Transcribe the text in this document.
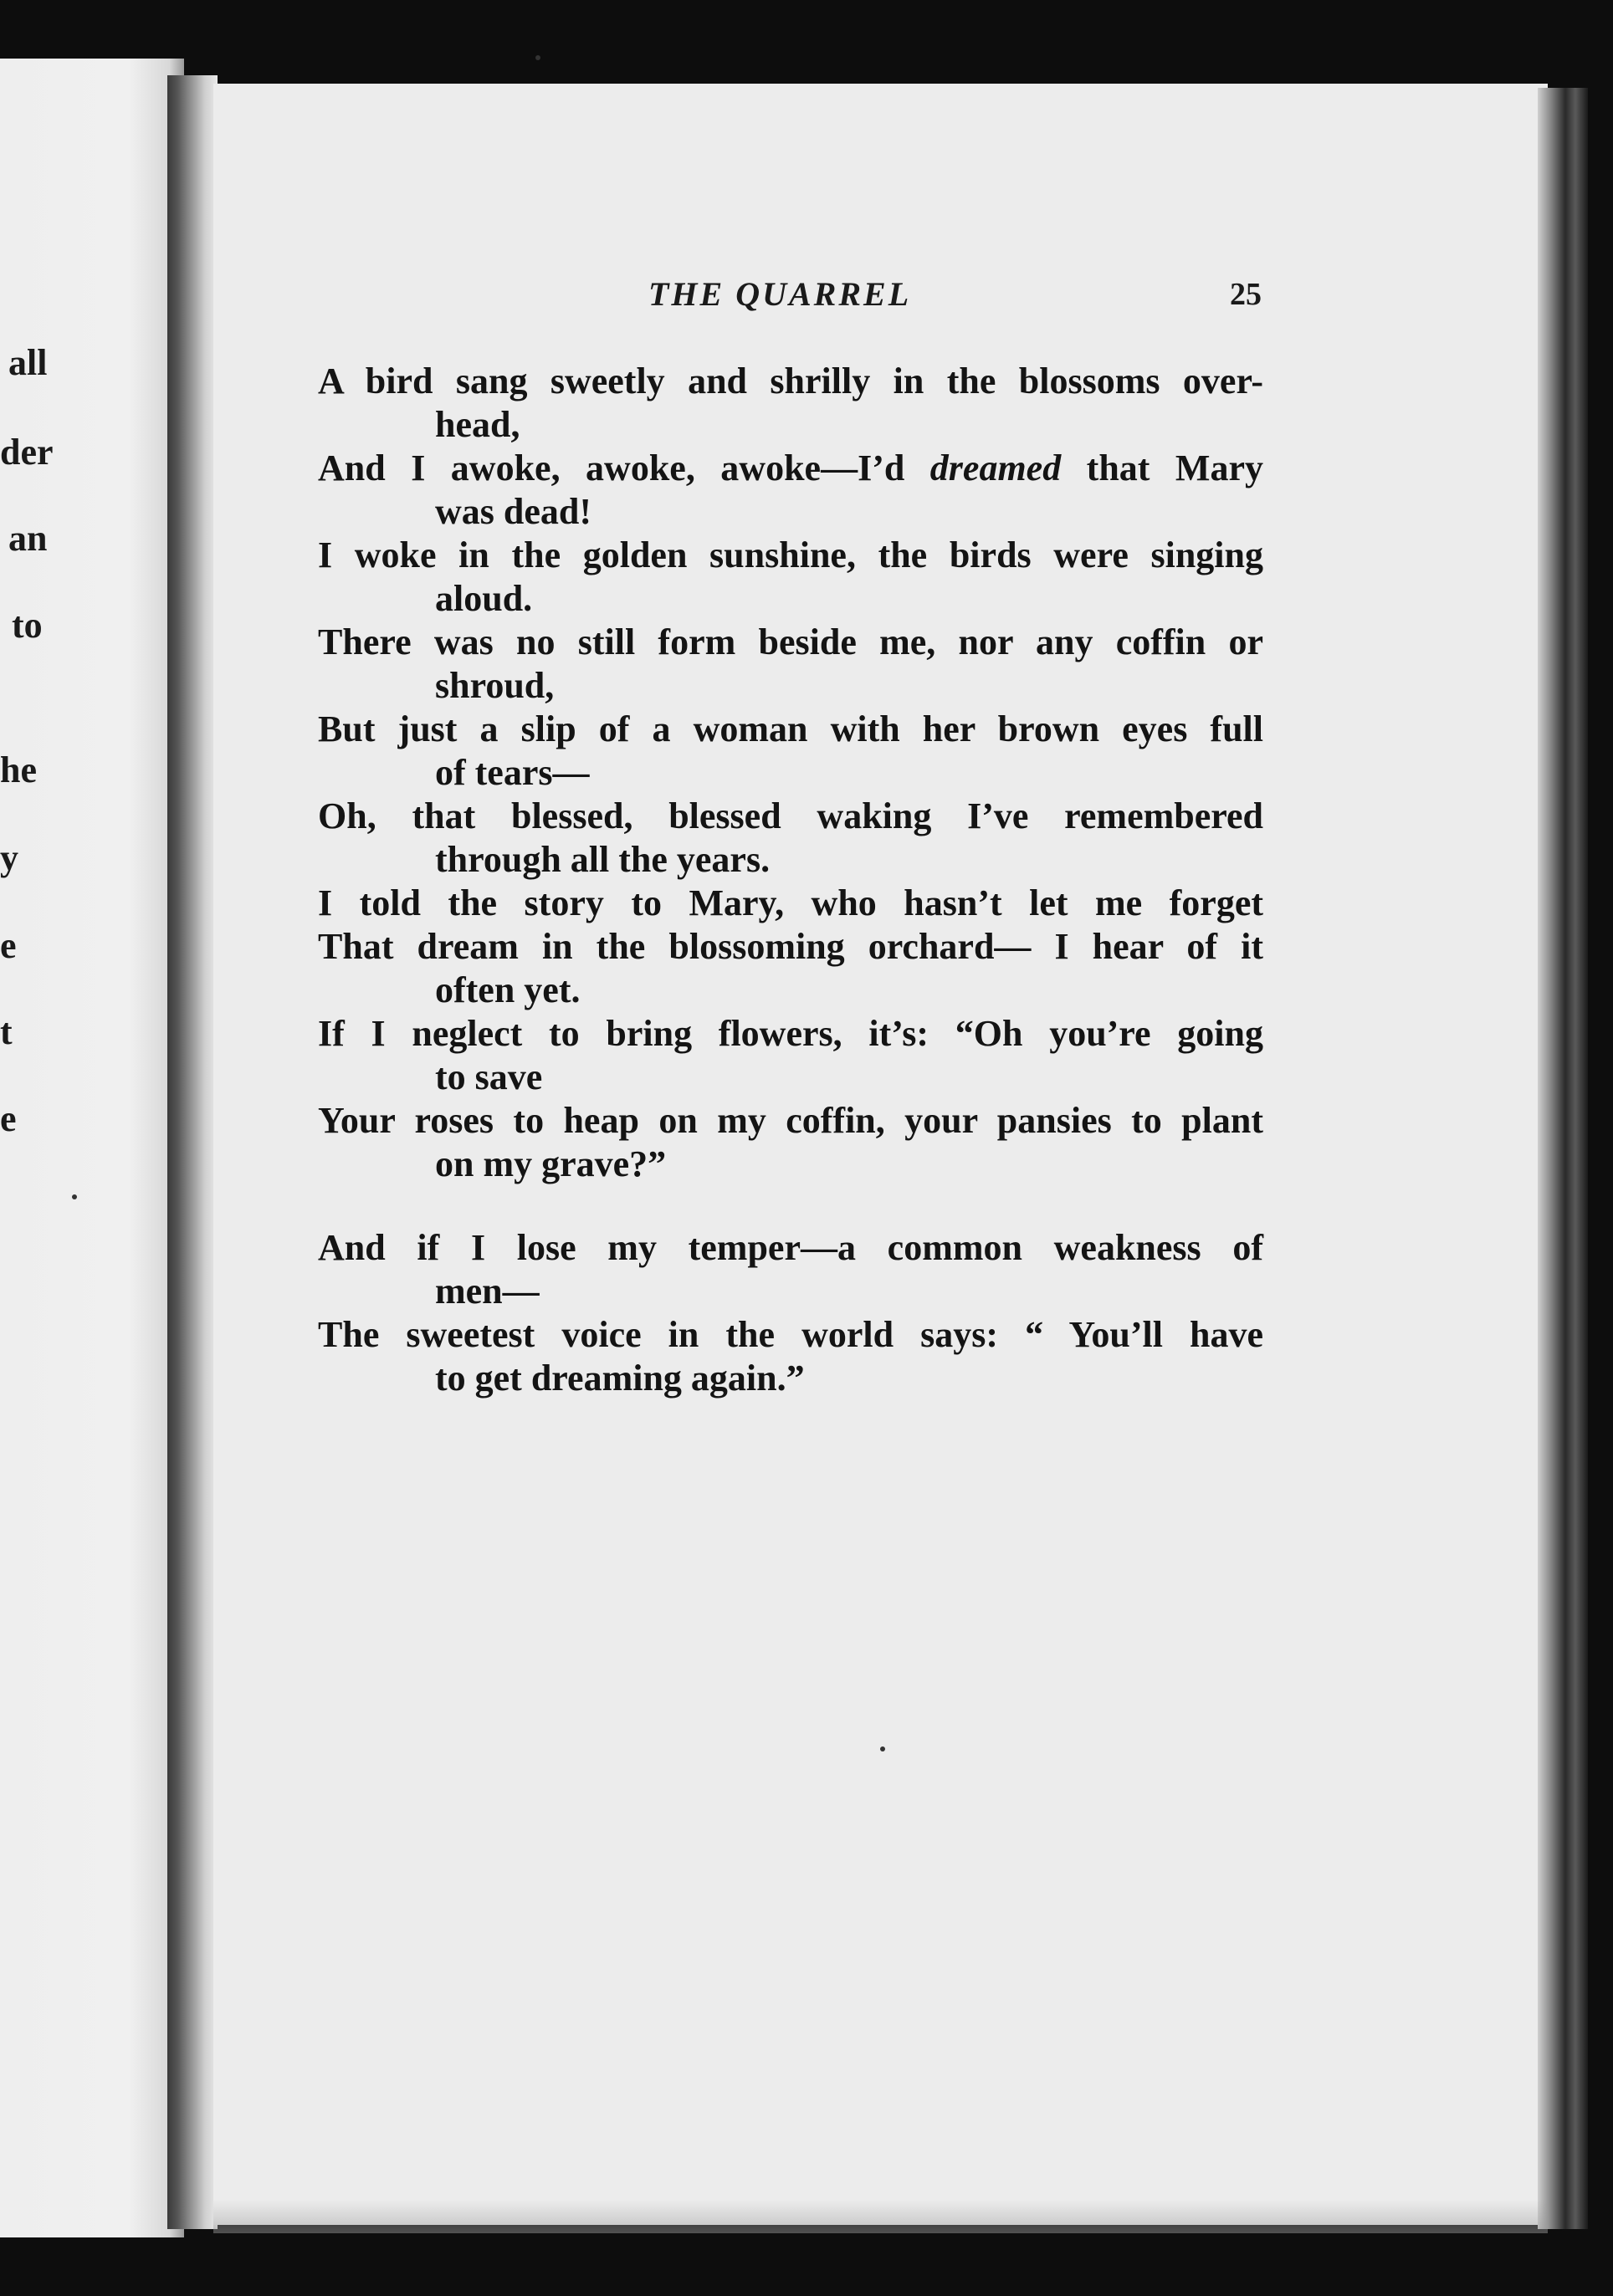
all
der
an
to
he
y
e
t
e
THE QUARREL	25
A bird sang sweetly and shrilly in the blossoms over-
head,
And I awoke, awoke, awoke—I’d dreamed that Mary
was dead!
I woke in the golden sunshine, the birds were singing
aloud.
There was no still form beside me, nor any coffin or
shroud,
But just a slip of a woman with her brown eyes full
of tears—
Oh, that blessed, blessed waking I’ve remembered
through all the years.
I told the story to Mary, who hasn’t let me forget
That dream in the blossoming orchard— I hear of it
often yet.
If I neglect to bring flowers, it’s: “Oh you’re going
to save
Your roses to heap on my coffin, your pansies to plant
on my grave?”
And if I lose my temper—a common weakness of
men—
The sweetest voice in the world says: “ You’ll have
to get dreaming again.”
